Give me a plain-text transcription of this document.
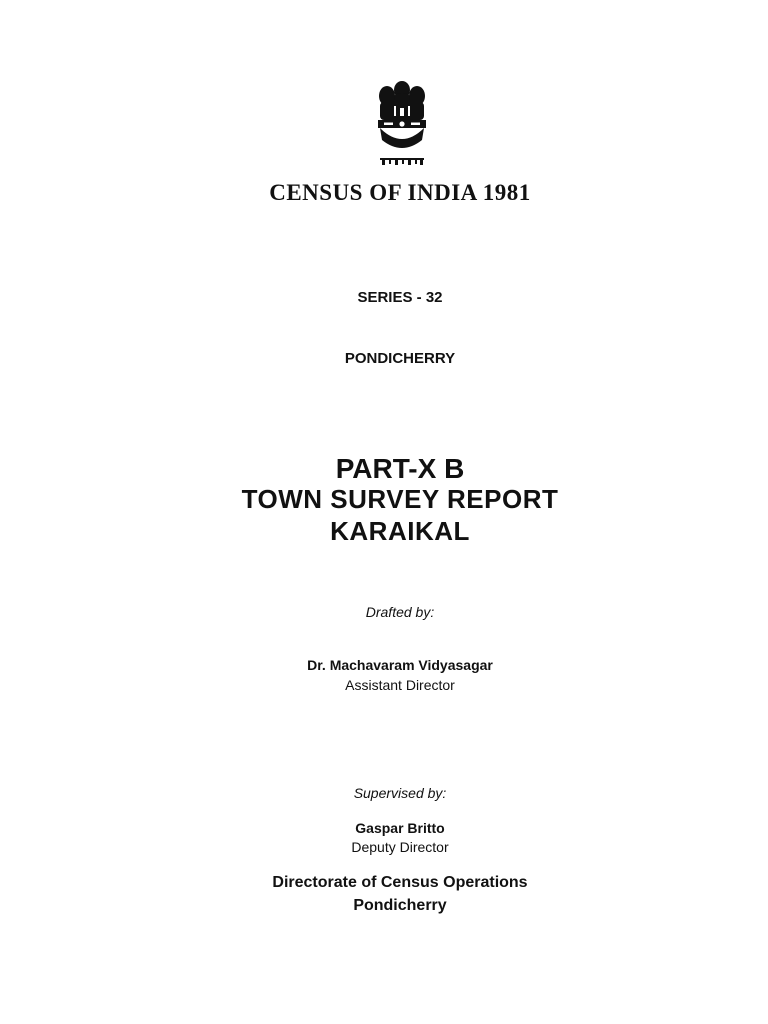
CENSUS OF INDIA 1981
SERIES - 32
PONDICHERRY
PART-X B
TOWN SURVEY REPORT
KARAIKAL
Drafted by:
Dr. Machavaram Vidyasagar
Assistant Director
Supervised by:
Gaspar Britto
Deputy Director
Directorate of Census Operations
Pondicherry
